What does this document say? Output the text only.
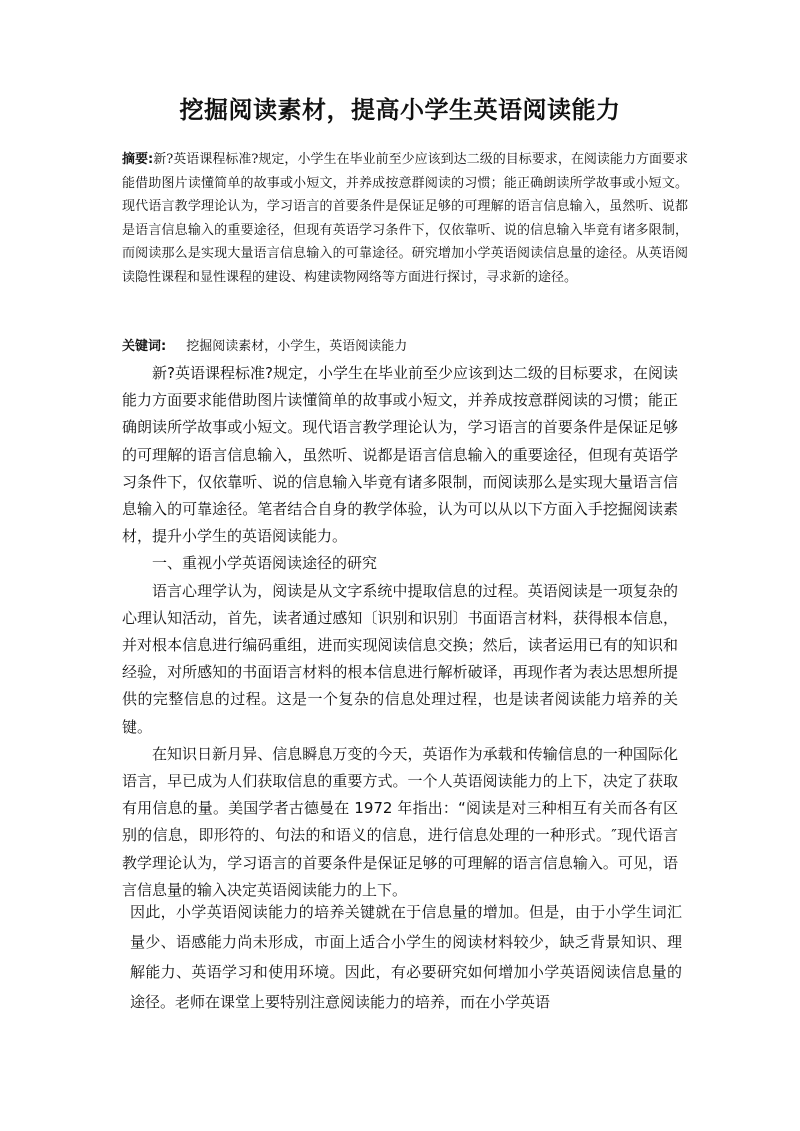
挖掘阅读素材，提高小学生英语阅读能力

摘要:新?英语课程标准?规定，小学生在毕业前至少应该到达二级的目标要求，在阅读能力方面要求能借助图片读懂简单的故事或小短文，并养成按意群阅读的习惯；能正确朗读所学故事或小短文。现代语言教学理论认为，学习语言的首要条件是保证足够的可理解的语言信息输入，虽然听、说都是语言信息输入的重要途径，但现有英语学习条件下，仅依靠听、说的信息输入毕竟有诸多限制，而阅读那么是实现大量语言信息输入的可靠途径。研究增加小学英语阅读信息量的途径。从英语阅读隐性课程和显性课程的建设、构建读物网络等方面进行探讨，寻求新的途径。

关键词: 挖掘阅读素材，小学生，英语阅读能力

新?英语课程标准?规定，小学生在毕业前至少应该到达二级的目标要求，在阅读能力方面要求能借助图片读懂简单的故事或小短文，并养成按意群阅读的习惯；能正确朗读所学故事或小短文。现代语言教学理论认为，学习语言的首要条件是保证足够的可理解的语言信息输入，虽然听、说都是语言信息输入的重要途径，但现有英语学习条件下，仅依靠听、说的信息输入毕竟有诸多限制，而阅读那么是实现大量语言信息输入的可靠途径。笔者结合自身的教学体验，认为可以从以下方面入手挖掘阅读素材，提升小学生的英语阅读能力。

一、重视小学英语阅读途径的研究

语言心理学认为，阅读是从文字系统中提取信息的过程。英语阅读是一项复杂的心理认知活动，首先，读者通过感知〔识别和识别〕书面语言材料，获得根本信息，并对根本信息进行编码重组，进而实现阅读信息交换；然后，读者运用已有的知识和经验，对所感知的书面语言材料的根本信息进行解析破译，再现作者为表达思想所提供的完整信息的过程。这是一个复杂的信息处理过程，也是读者阅读能力培养的关键。

在知识日新月异、信息瞬息万变的今天，英语作为承载和传输信息的一种国际化语言，早已成为人们获取信息的重要方式。一个人英语阅读能力的上下，决定了获取有用信息的量。美国学者古德曼在 1972 年指出：“阅读是对三种相互有关而各有区别的信息，即形符的、句法的和语义的信息，进行信息处理的一种形式。″现代语言教学理论认为，学习语言的首要条件是保证足够的可理解的语言信息输入。可见，语言信息量的输入决定英语阅读能力的上下。

因此，小学英语阅读能力的培养关键就在于信息量的增加。但是，由于小学生词汇量少、语感能力尚未形成，市面上适合小学生的阅读材料较少，缺乏背景知识、理解能力、英语学习和使用环境。因此，有必要研究如何增加小学英语阅读信息量的途径。老师在课堂上要特别注意阅读能力的培养，而在小学英语
